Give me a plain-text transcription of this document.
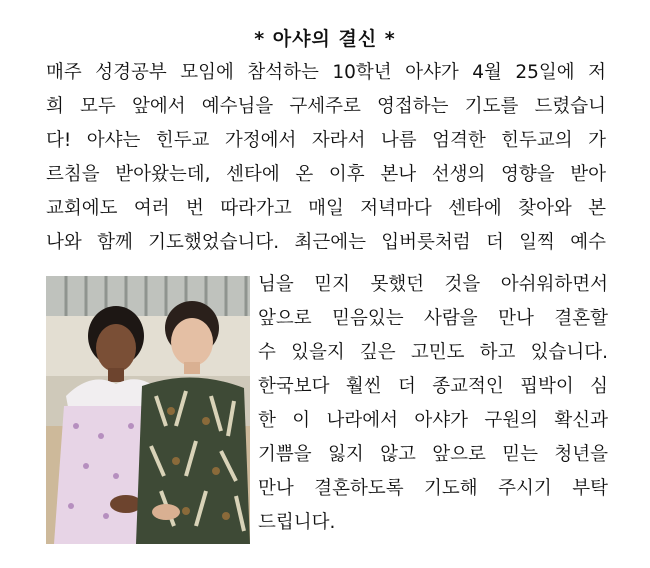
* 아샤의 결신 *

매주 성경공부 모임에 참석하는 10학년 아샤가 4월 25일에 저

희 모두 앞에서 예수님을 구세주로 영접하는 기도를 드렸습니

다! 아샤는 힌두교 가정에서 자라서 나름 엄격한 힌두교의 가

르침을 받아왔는데, 센타에 온 이후 본나 선생의 영향을 받아

교회에도 여러 번 따라가고 매일 저녁마다 센타에 찾아와 본

나와 함께 기도했었습니다. 최근에는 입버릇처럼 더 일찍 예수

님을 믿지 못했던 것을 아쉬워하면서

앞으로 믿음있는 사람을 만나 결혼할

수 있을지 깊은 고민도 하고 있습니다.

한국보다 훨씬 더 종교적인 핍박이 심

한 이 나라에서 아샤가 구원의 확신과

기쁨을 잃지 않고 앞으로 믿는 청년을

만나 결혼하도록 기도해 주시기 부탁

드립니다.
